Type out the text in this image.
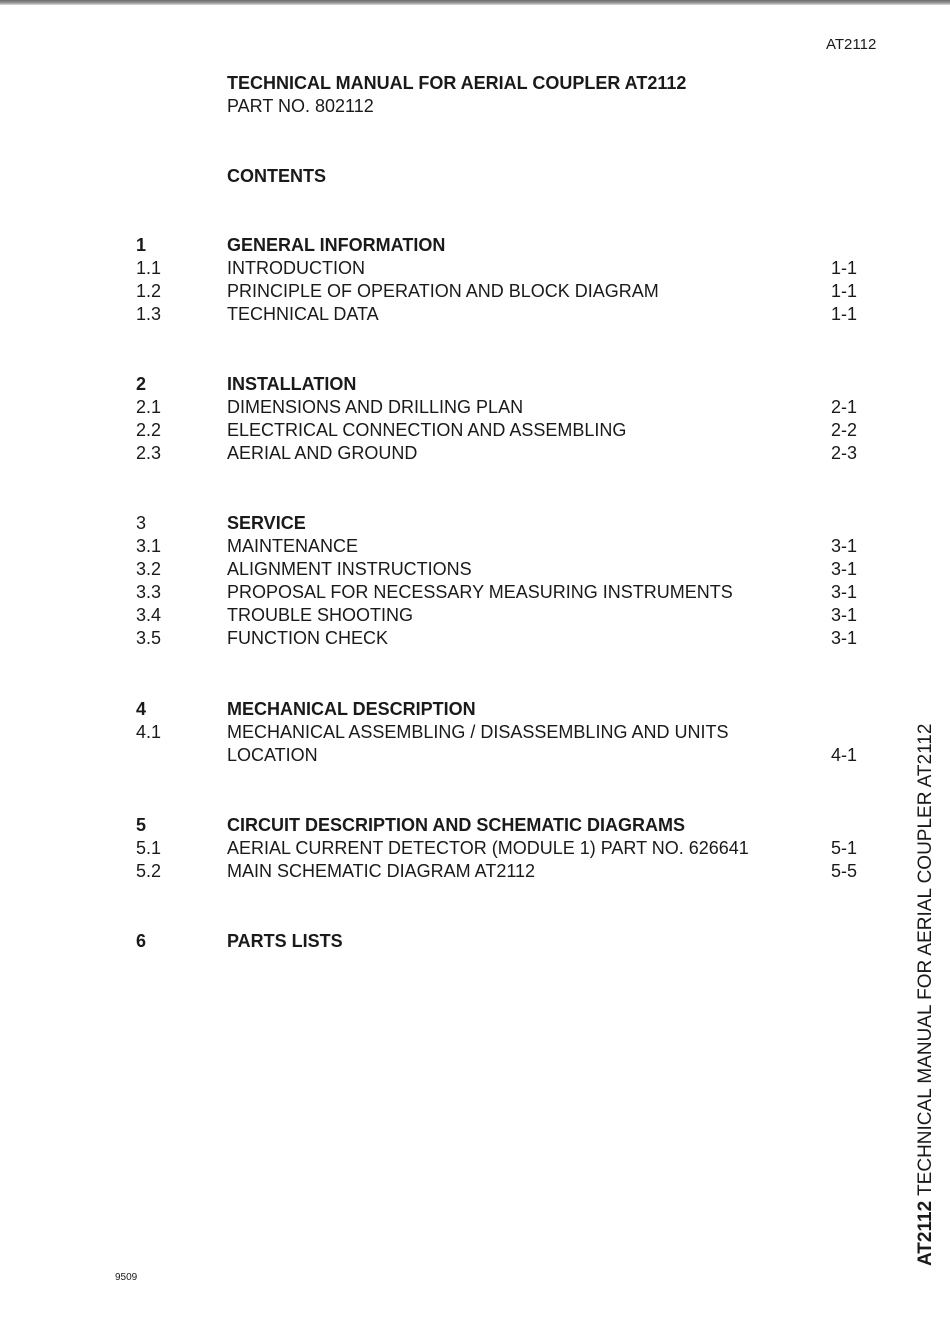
AT2112
TECHNICAL MANUAL FOR AERIAL COUPLER AT2112
PART NO. 802112
CONTENTS
1	GENERAL INFORMATION
1.1	INTRODUCTION	1-1
1.2	PRINCIPLE OF OPERATION AND BLOCK DIAGRAM	1-1
1.3	TECHNICAL DATA	1-1
2	INSTALLATION
2.1	DIMENSIONS AND DRILLING PLAN	2-1
2.2	ELECTRICAL CONNECTION AND ASSEMBLING	2-2
2.3	AERIAL AND GROUND	2-3
3	SERVICE
3.1	MAINTENANCE	3-1
3.2	ALIGNMENT INSTRUCTIONS	3-1
3.3	PROPOSAL FOR NECESSARY MEASURING INSTRUMENTS	3-1
3.4	TROUBLE SHOOTING	3-1
3.5	FUNCTION CHECK	3-1
4	MECHANICAL DESCRIPTION
4.1	MECHANICAL ASSEMBLING / DISASSEMBLING AND UNITS
LOCATION	4-1
5	CIRCUIT DESCRIPTION AND SCHEMATIC DIAGRAMS
5.1	AERIAL CURRENT DETECTOR (MODULE 1) PART NO. 626641	5-1
5.2	MAIN SCHEMATIC DIAGRAM AT2112	5-5
6	PARTS LISTS
AT2112 TECHNICAL MANUAL FOR AERIAL COUPLER AT2112
9509
